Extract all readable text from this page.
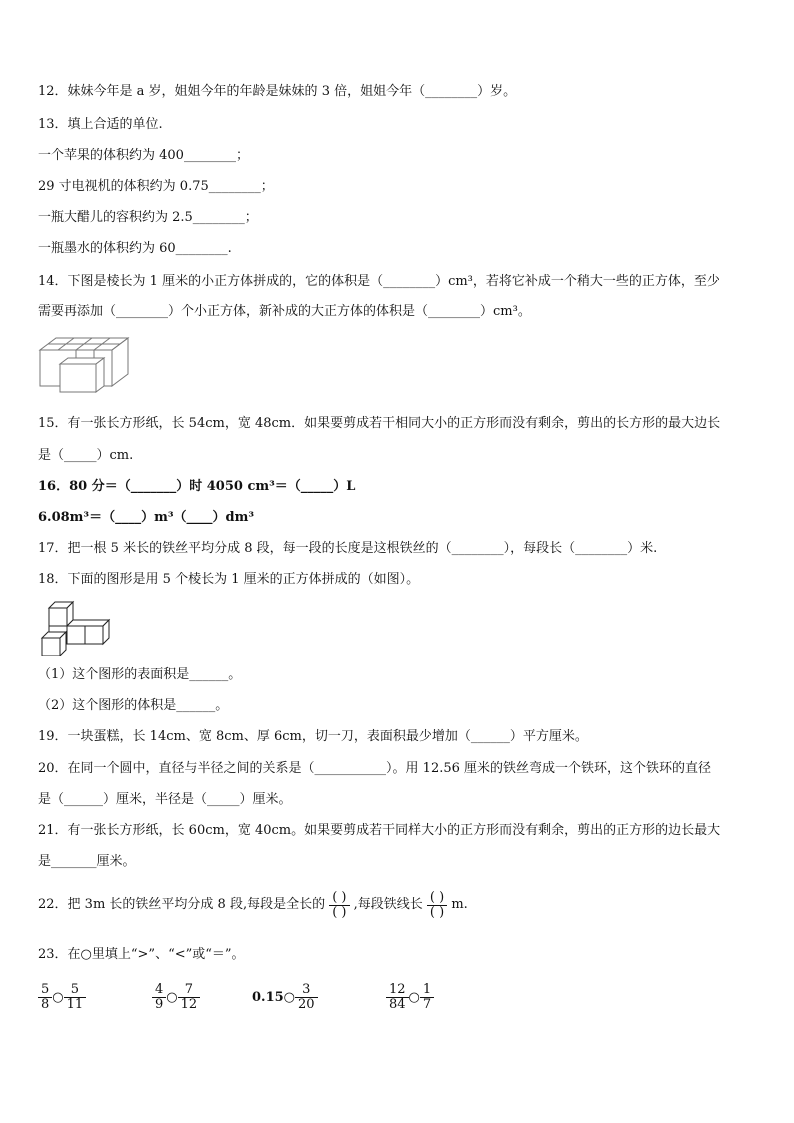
12．妹妹今年是 a 岁，姐姐今年的年龄是妹妹的 3 倍，姐姐今年（________）岁。
13．填上合适的单位.
一个苹果的体积约为 400________；
29 寸电视机的体积约为 0.75________；
一瓶大醋儿的容积约为 2.5________；
一瓶墨水的体积约为 60________.
14．下图是棱长为 1 厘米的小正方体拼成的，它的体积是（________）cm³，若将它补成一个稍大一些的正方体，至少
需要再添加（________）个小正方体，新补成的大正方体的体积是（________）cm³。
15．有一张长方形纸，长 54cm，宽 48cm．如果要剪成若干相同大小的正方形而没有剩余，剪出的长方形的最大边长
是（_____）cm.
16．80 分＝（_______）时 4050 cm³＝（_____）L
6.08m³＝（____）m³（____）dm³
17．把一根 5 米长的铁丝平均分成 8 段，每一段的长度是这根铁丝的（________），每段长（________）米.
18．下面的图形是用 5 个棱长为 1 厘米的正方体拼成的（如图）。
（1）这个图形的表面积是______。
（2）这个图形的体积是______。
19．一块蛋糕，长 14cm、宽 8cm、厚 6cm，切一刀，表面积最少增加（______）平方厘米。
20．在同一个圆中，直径与半径之间的关系是（___________）。用 12.56 厘米的铁丝弯成一个铁环，这个铁环的直径
是（______）厘米，半径是（_____）厘米。
21．有一张长方形纸，长 60cm，宽 40cm。如果要剪成若干同样大小的正方形而没有剩余，剪出的正方形的边长最大
是_______厘米。
22．把 3m 长的铁丝平均分成 8 段,每段是全长的 $\frac{( )}{( )}$ ,每段铁线长 $\frac{( )}{( )} m$.
23．在○里填上“>”、“<”或“＝”。
$\frac{5}{8}$ ○ $\frac{5}{11}$	$\frac{4}{9}$ ○ $\frac{7}{12}$	0.15○ $\frac{3}{20}$	$\frac{12}{84}$ ○ $\frac{1}{7}$
